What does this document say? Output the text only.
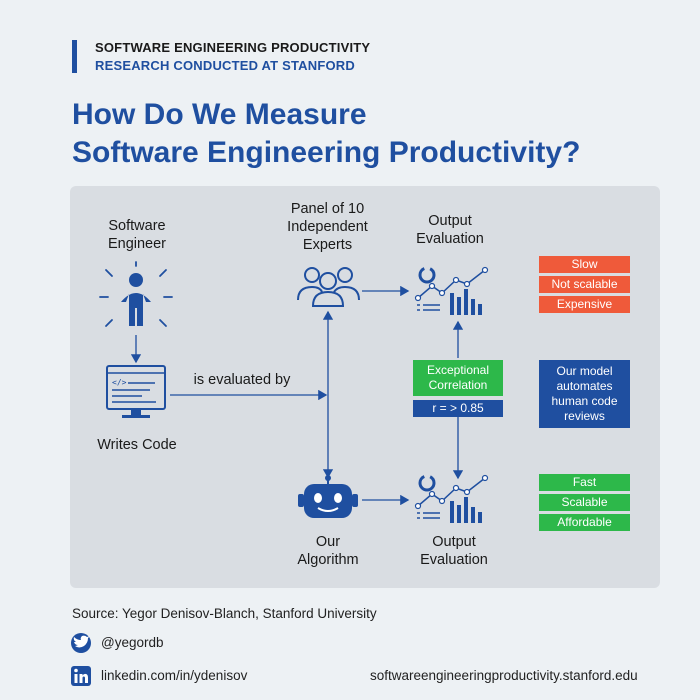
SOFTWARE ENGINEERING PRODUCTIVITY
RESEARCH CONDUCTED AT STANFORD
How Do We Measure
Software Engineering Productivity?
Software
Engineer
</>
Writes Code
is evaluated by
Panel of 10
Independent
Experts
Output
Evaluation
Slow
Not scalable
Expensive
Exceptional
Correlation
r = > 0.85
Our model
automates
human code
reviews
Our
Algorithm
Output
Evaluation
Fast
Scalable
Affordable
Source: Yegor Denisov-Blanch, Stanford University
@yegordb
linkedin.com/in/ydenisov	softwareengineeringproductivity.stanford.edu
